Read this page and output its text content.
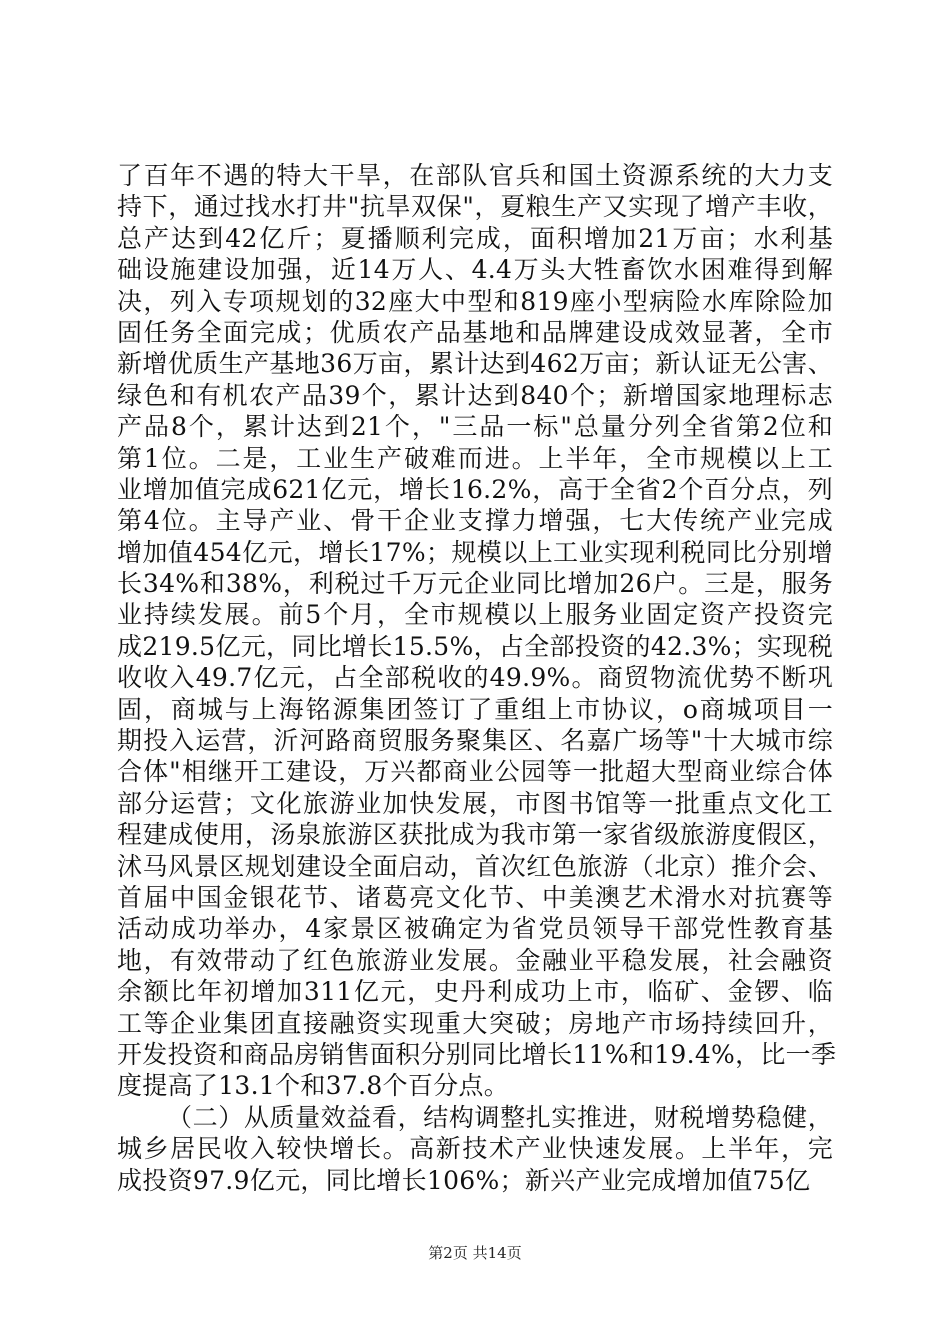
了百年不遇的特大干旱，在部队官兵和国土资源系统的大力支
持下，通过找水打井"抗旱双保"，夏粮生产又实现了增产丰收，
总产达到42亿斤；夏播顺利完成，面积增加21万亩；水利基
础设施建设加强，近14万人、4.4万头大牲畜饮水困难得到解
决，列入专项规划的32座大中型和819座小型病险水库除险加
固任务全面完成；优质农产品基地和品牌建设成效显著，全市
新增优质生产基地36万亩，累计达到462万亩；新认证无公害、
绿色和有机农产品39个，累计达到840个；新增国家地理标志
产品8个，累计达到21个，"三品一标"总量分列全省第2位和
第1位。二是，工业生产破难而进。上半年，全市规模以上工
业增加值完成621亿元，增长16.2%，高于全省2个百分点，列
第4位。主导产业、骨干企业支撑力增强，七大传统产业完成
增加值454亿元，增长17%；规模以上工业实现利税同比分别增
长34%和38%，利税过千万元企业同比增加26户。三是，服务
业持续发展。前5个月，全市规模以上服务业固定资产投资完
成219.5亿元，同比增长15.5%，占全部投资的42.3%；实现税
收收入49.7亿元，占全部税收的49.9%。商贸物流优势不断巩
固，商城与上海铭源集团签订了重组上市协议，o商城项目一
期投入运营，沂河路商贸服务聚集区、名嘉广场等"十大城市综
合体"相继开工建设，万兴都商业公园等一批超大型商业综合体
部分运营；文化旅游业加快发展，市图书馆等一批重点文化工
程建成使用，汤泉旅游区获批成为我市第一家省级旅游度假区，
沭马风景区规划建设全面启动，首次红色旅游（北京）推介会、
首届中国金银花节、诸葛亮文化节、中美澳艺术滑水对抗赛等
活动成功举办，4家景区被确定为省党员领导干部党性教育基
地，有效带动了红色旅游业发展。金融业平稳发展，社会融资
余额比年初增加311亿元，史丹利成功上市，临矿、金锣、临
工等企业集团直接融资实现重大突破；房地产市场持续回升，
开发投资和商品房销售面积分别同比增长11%和19.4%，比一季
度提高了13.1个和37.8个百分点。
（二）从质量效益看，结构调整扎实推进，财税增势稳健，
城乡居民收入较快增长。高新技术产业快速发展。上半年，完
成投资97.9亿元，同比增长106%；新兴产业完成增加值75亿
第2页 共14页
